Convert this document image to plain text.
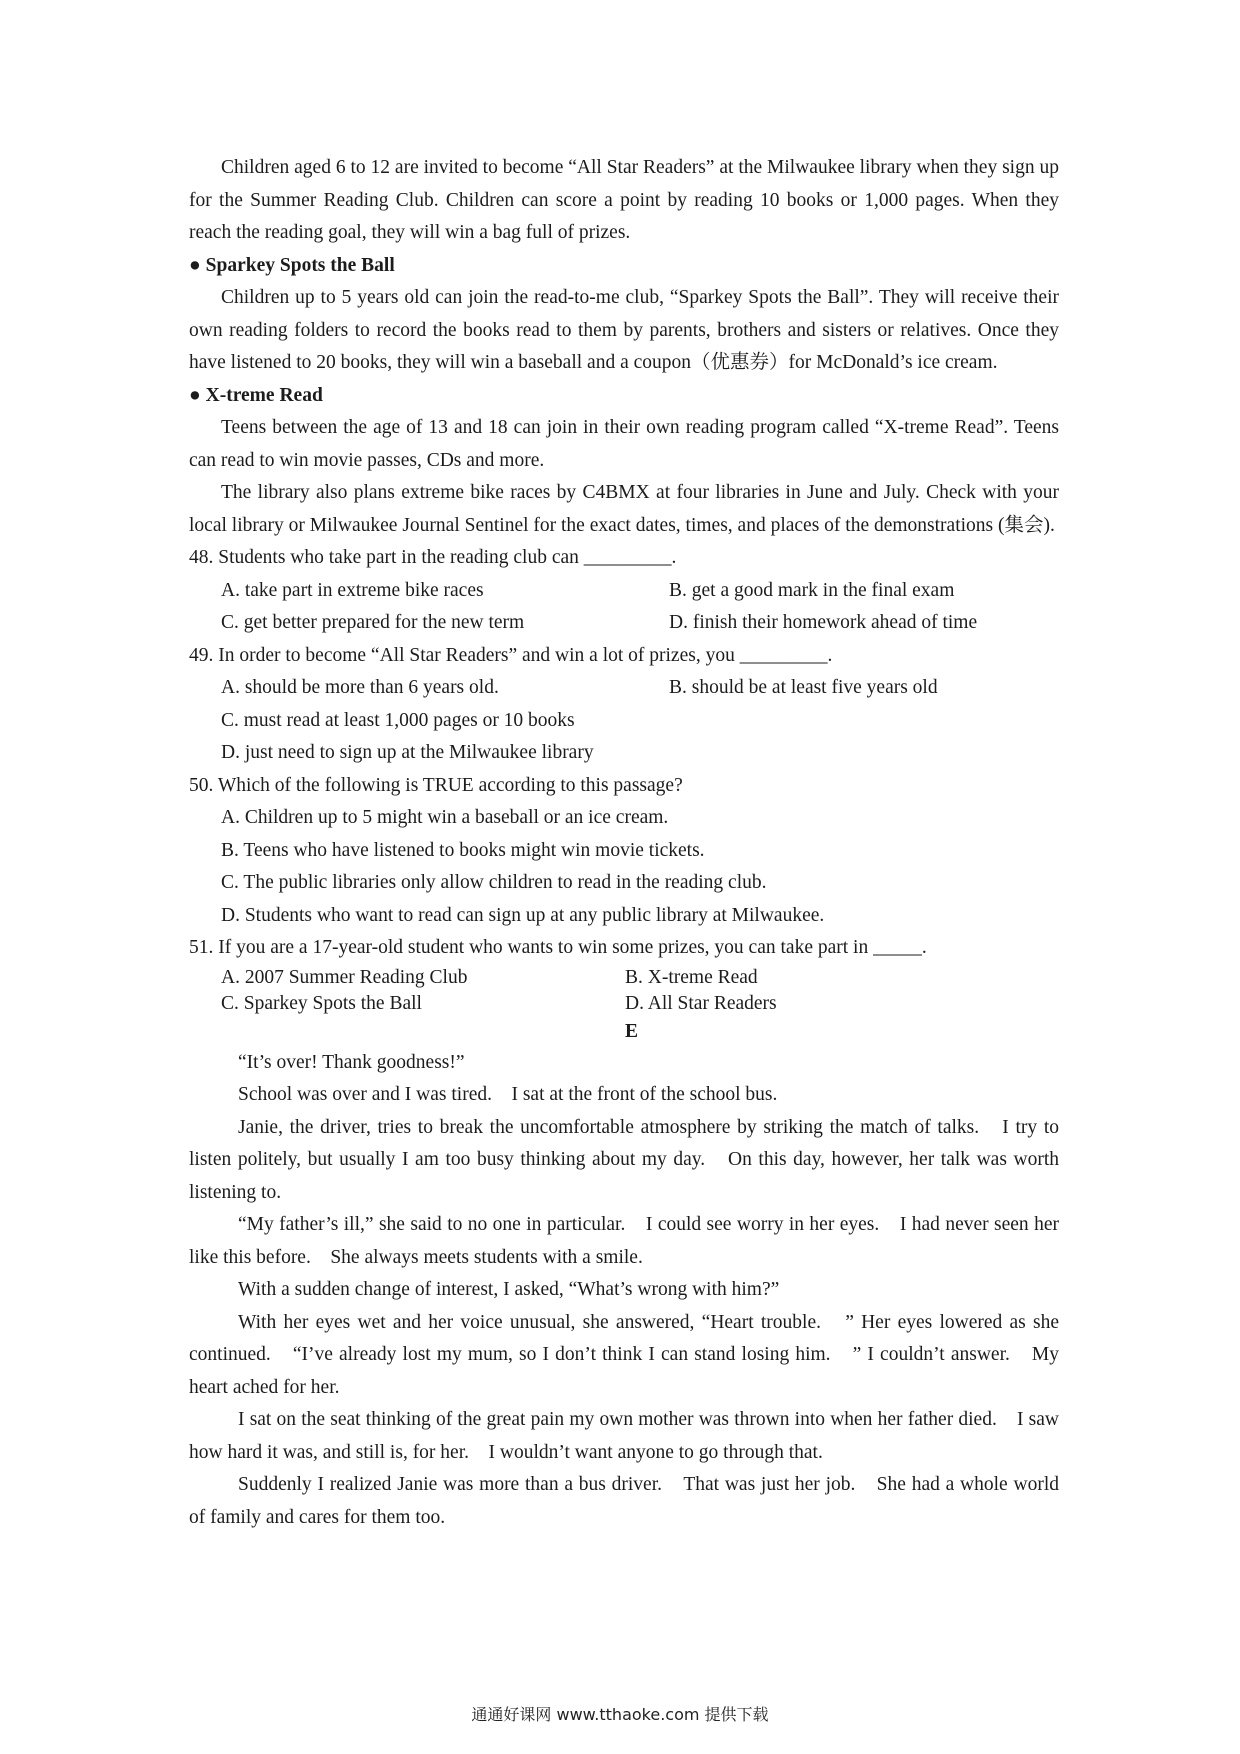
Children aged 6 to 12 are invited to become “All Star Readers” at the Milwaukee library when they sign up for the Summer Reading Club. Children can score a point by reading 10 books or 1,000 pages. When they reach the reading goal, they will win a bag full of prizes.

● Sparkey Spots the Ball

Children up to 5 years old can join the read-to-me club, “Sparkey Spots the Ball”. They will receive their own reading folders to record the books read to them by parents, brothers and sisters or relatives. Once they have listened to 20 books, they will win a baseball and a coupon（优惠券）for McDonald’s ice cream.

● X-treme Read

Teens between the age of 13 and 18 can join in their own reading program called “X-treme Read”. Teens can read to win movie passes, CDs and more.

The library also plans extreme bike races by C4BMX at four libraries in June and July. Check with your local library or Milwaukee Journal Sentinel for the exact dates, times, and places of the demonstrations (集会).

48. Students who take part in the reading club can _________.

A. take part in extreme bike races	B. get a good mark in the final exam
C. get better prepared for the new term	D. finish their homework ahead of time

49. In order to become “All Star Readers” and win a lot of prizes, you _________.

A. should be more than 6 years old.	B. should be at least five years old

C. must read at least 1,000 pages or 10 books

D. just need to sign up at the Milwaukee library

50. Which of the following is TRUE according to this passage?

A. Children up to 5 might win a baseball or an ice cream.

B. Teens who have listened to books might win movie tickets.

C. The public libraries only allow children to read in the reading club.

D. Students who want to read can sign up at any public library at Milwaukee.

51. If you are a 17-year-old student who wants to win some prizes, you can take part in _____.

A. 2007 Summer Reading Club	B. X-treme Read
C. Sparkey Spots the Ball	D. All Star Readers

E

“It’s over! Thank goodness!”

School was over and I was tired.　I sat at the front of the school bus.

Janie, the driver, tries to break the uncomfortable atmosphere by striking the match of talks.　I try to listen politely, but usually I am too busy thinking about my day.　On this day, however, her talk was worth listening to.

“My father’s ill,” she said to no one in particular.　I could see worry in her eyes.　I had never seen her like this before.　She always meets students with a smile.

With a sudden change of interest, I asked, “What’s wrong with him?”

With her eyes wet and her voice unusual, she answered, “Heart trouble.　” Her eyes lowered as she continued.　“I’ve already lost my mum, so I don’t think I can stand losing him.　” I couldn’t answer.　My heart ached for her.

I sat on the seat thinking of the great pain my own mother was thrown into when her father died.　I saw how hard it was, and still is, for her.　I wouldn’t want anyone to go through that.

Suddenly I realized Janie was more than a bus driver.　That was just her job.　She had a whole world of family and cares for them too.

通通好课网 www.tthaoke.com 提供下载
